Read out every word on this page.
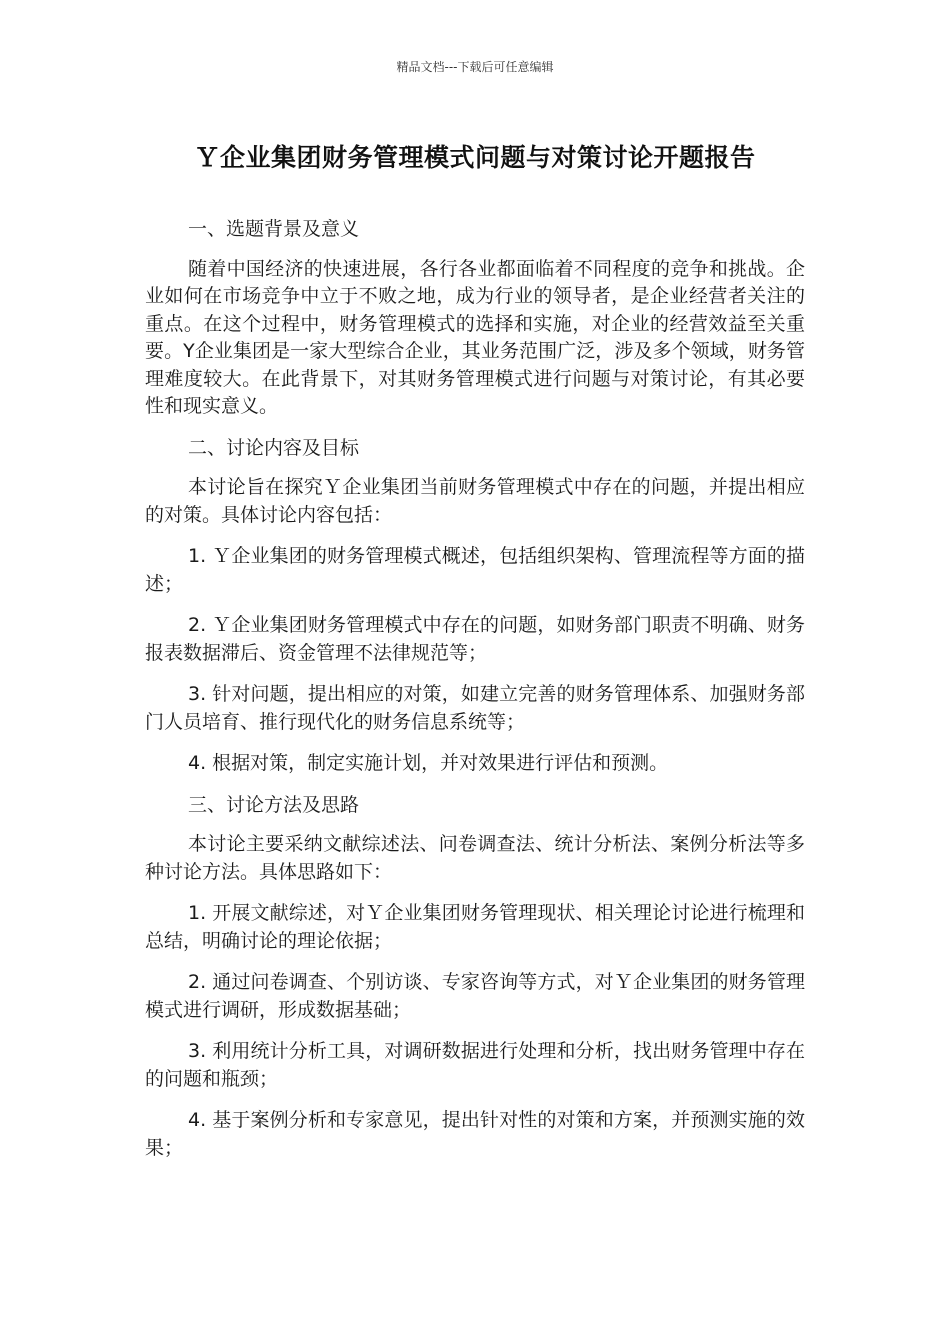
精品文档---下载后可任意编辑
Ｙ企业集团财务管理模式问题与对策讨论开题报告

一、选题背景及意义

随着中国经济的快速进展，各行各业都面临着不同程度的竞争和挑战。企业如何在市场竞争中立于不败之地，成为行业的领导者，是企业经营者关注的重点。在这个过程中，财务管理模式的选择和实施，对企业的经营效益至关重要。Y企业集团是一家大型综合企业，其业务范围广泛，涉及多个领域，财务管理难度较大。在此背景下，对其财务管理模式进行问题与对策讨论，有其必要性和现实意义。

二、讨论内容及目标

本讨论旨在探究Ｙ企业集团当前财务管理模式中存在的问题，并提出相应的对策。具体讨论内容包括：

1. Ｙ企业集团的财务管理模式概述，包括组织架构、管理流程等方面的描述；

2. Ｙ企业集团财务管理模式中存在的问题，如财务部门职责不明确、财务报表数据滞后、资金管理不法律规范等；

3. 针对问题，提出相应的对策，如建立完善的财务管理体系、加强财务部门人员培育、推行现代化的财务信息系统等；

4. 根据对策，制定实施计划，并对效果进行评估和预测。

三、讨论方法及思路

本讨论主要采纳文献综述法、问卷调查法、统计分析法、案例分析法等多种讨论方法。具体思路如下：

1. 开展文献综述，对Ｙ企业集团财务管理现状、相关理论讨论进行梳理和总结，明确讨论的理论依据；

2. 通过问卷调查、个别访谈、专家咨询等方式，对Ｙ企业集团的财务管理模式进行调研，形成数据基础；

3. 利用统计分析工具，对调研数据进行处理和分析，找出财务管理中存在的问题和瓶颈；

4. 基于案例分析和专家意见，提出针对性的对策和方案，并预测实施的效果；
